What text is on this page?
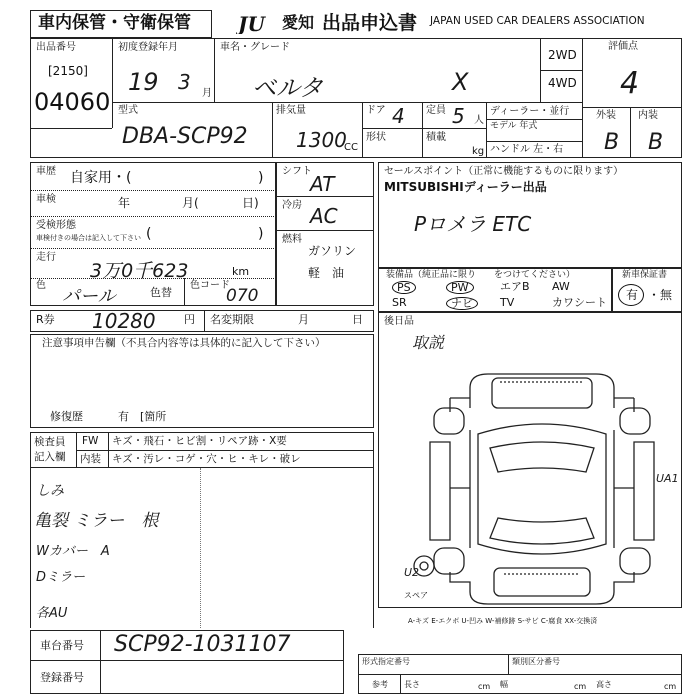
車内保管・守衛保管 JU 愛知 出品申込書 JAPAN USED CAR DEALERS ASSOCIATION
出品番号
[2150]
04060
初度登録年月
19 3 月
車名・グレード
ベルタ	X
2WD
4WD
評価点
4
型式
DBA-SCP92
排気量
1300
CC
ドア 4 定員 5 人
形状	積載
kg
ディーラー・並行
モデル 年式
ハンドル 左・右
外装 内装
B B
車歴 自家用・(	)
車検	年	月(	日)
受検形態
車検付きの場合は記入して下さい (	)
走行
3万0千623	km
色
パール	色替
色コード
070
シフト
AT
冷房 AC
燃料
ガソリン
軽　油
セールスポイント（正常に機能するものに限ります）
MITSUBISHIディーラー出品
Pロメラ ETC
装備品（純正品に限り　　をつけてください）	新車保証書
有 ・無
R券 10280	円 名変期限	月	日
注意事項申告欄（不具合内容等は具体的に記入して下さい）
修復歴	有　[箇所
後日品
取説
UA1
U2
スペア
A-キズ E-エクボ U-凹み W-補修跡 S-サビ C-腐食 XX-交換済
検査員
記入欄
FW キズ・飛石・ヒビ割・リペア跡・X要
内装 キズ・汚レ・コゲ・穴・ヒ・キレ・破レ
しみ
亀裂 ミラー　根
Wカバー　A
Dミラー
各AU
車台番号 SCP92-1031107
登録番号
形式指定番号	類別区分番号
参考 長さ	cm 幅	cm 高さ	cm
PS	PW	エアB AW
SR	ナビ	TV	カワシート
